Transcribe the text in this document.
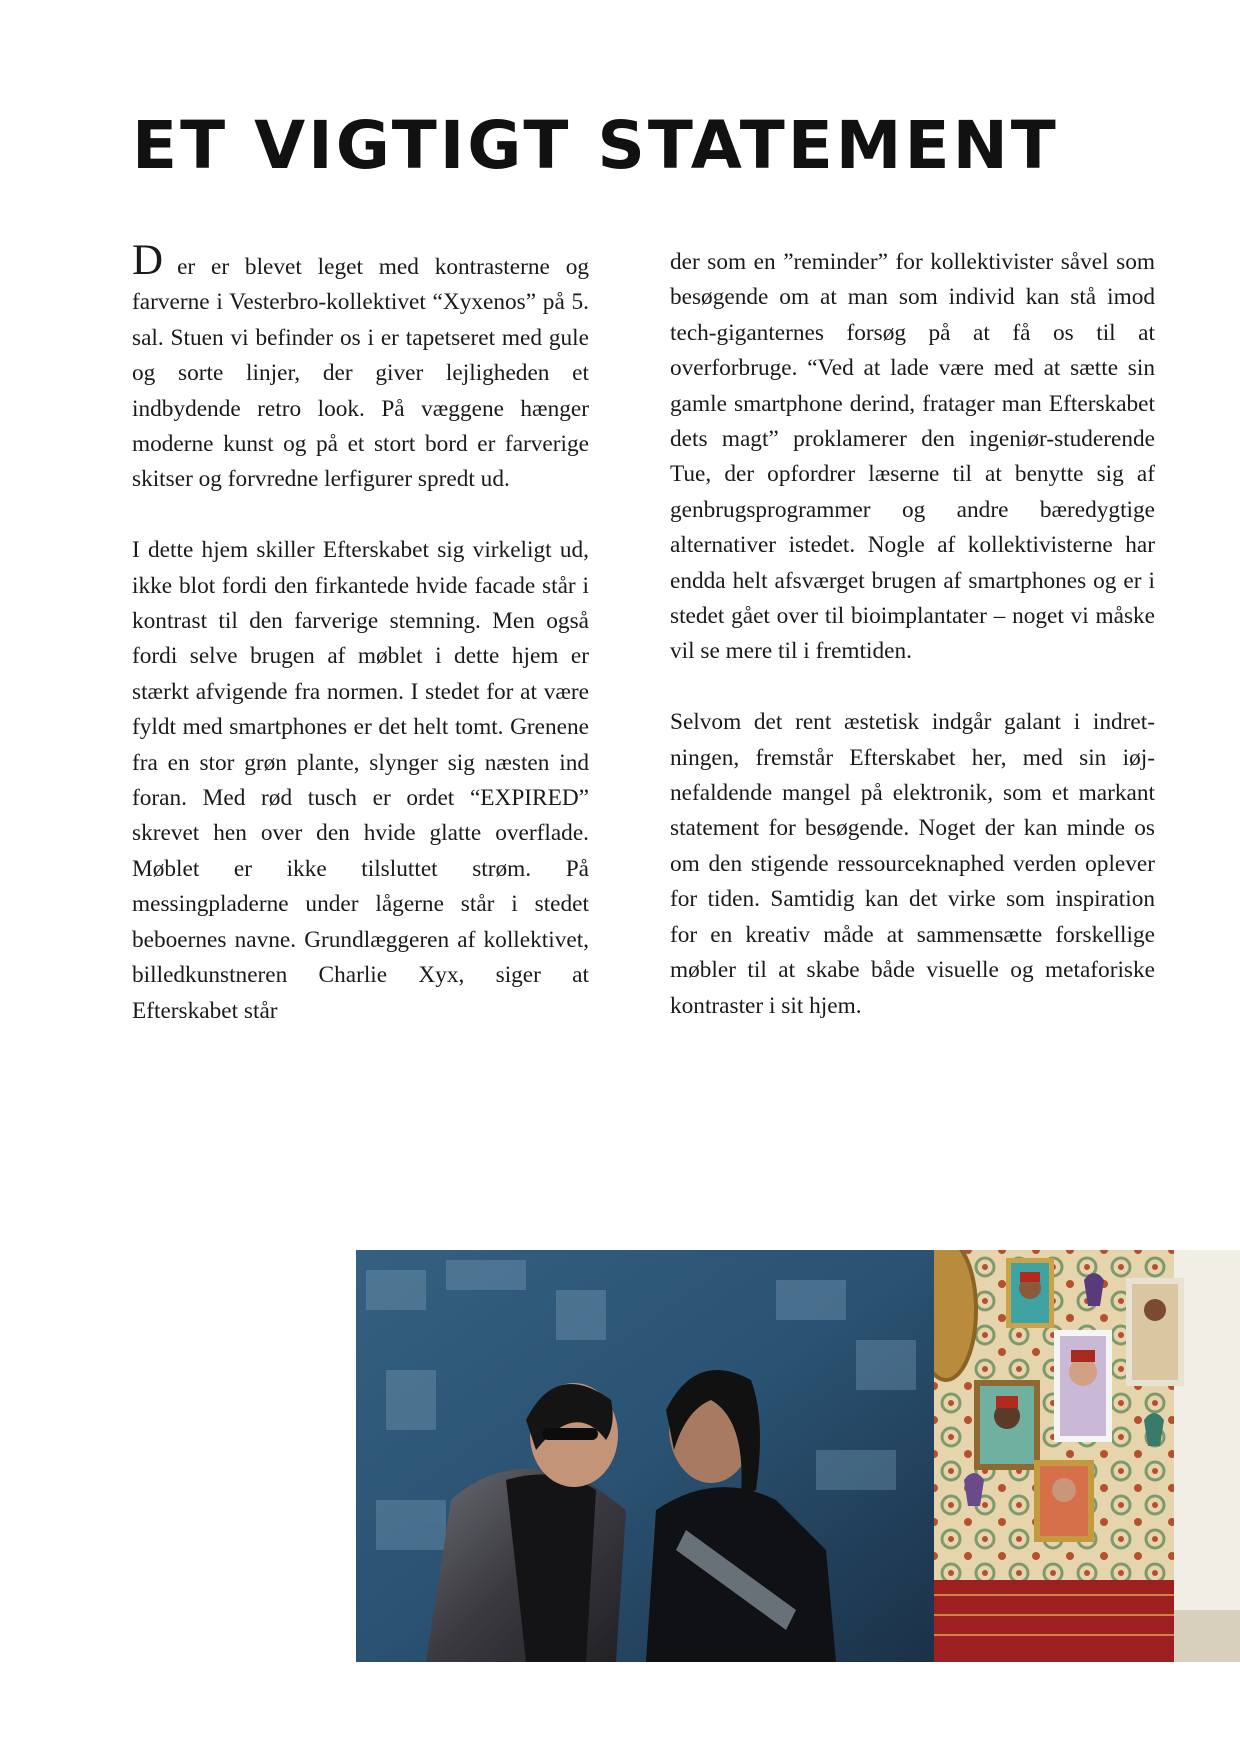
ET VIGTIGT STATEMENT

Der er blevet leget med kontrasterne og farverne i Vesterbro-kollektivet “Xyxenos” på 5. sal. Stuen vi befinder os i er tapetseret med gule og sorte linjer, der giver lejligheden et indbydende retro look. På væggene hænger moderne kunst og på et stort bord er farverige skitser og forvredne lerfigurer spredt ud.

I dette hjem skiller Efterskabet sig virkeligt ud, ikke blot fordi den firkantede hvide facade står i kontrast til den farverige stemning. Men også fordi selve brugen af møblet i dette hjem er stærkt afvigende fra normen. I stedet for at være fyldt med smartphones er det helt tomt. Grenene fra en stor grøn plante, slynger sig næsten ind foran. Med rød tusch er ordet “EXPIRED” skrevet hen over den hvide glatte overflade. Møblet er ikke tilsluttet strøm. På messingpladerne under lågerne står i stedet beboernes navne. Grundlæggeren af kollektivet, billedkunstneren Charlie Xyx, siger at Efterskabet står

der som en ”reminder” for kollektivister såvel som besøgende om at man som individ kan stå imod tech-giganternes forsøg på at få os til at overforbruge. “Ved at lade være med at sætte sin gamle smartphone derind, fratager man Efterskabet dets magt” proklamerer den ingeniør-studerende Tue, der opfordrer læserne til at benytte sig af genbrugsprogrammer og andre bæredygtige alternativer istedet. Nogle af kollektivisterne har endda helt afsværget brugen af smartphones og er i stedet gået over til bioimplantater – noget vi måske vil se mere til i fremtiden.

Selvom det rent æstetisk indgår galant i indretningen, fremstår Efterskabet her, med sin iøjnefaldende mangel på elektronik, som et markant statement for besøgende. Noget der kan minde os om den stigende ressourceknaphed verden oplever for tiden. Samtidig kan det virke som inspiration for en kreativ måde at sammensætte forskellige møbler til at skabe både visuelle og metaforiske kontraster i sit hjem.
